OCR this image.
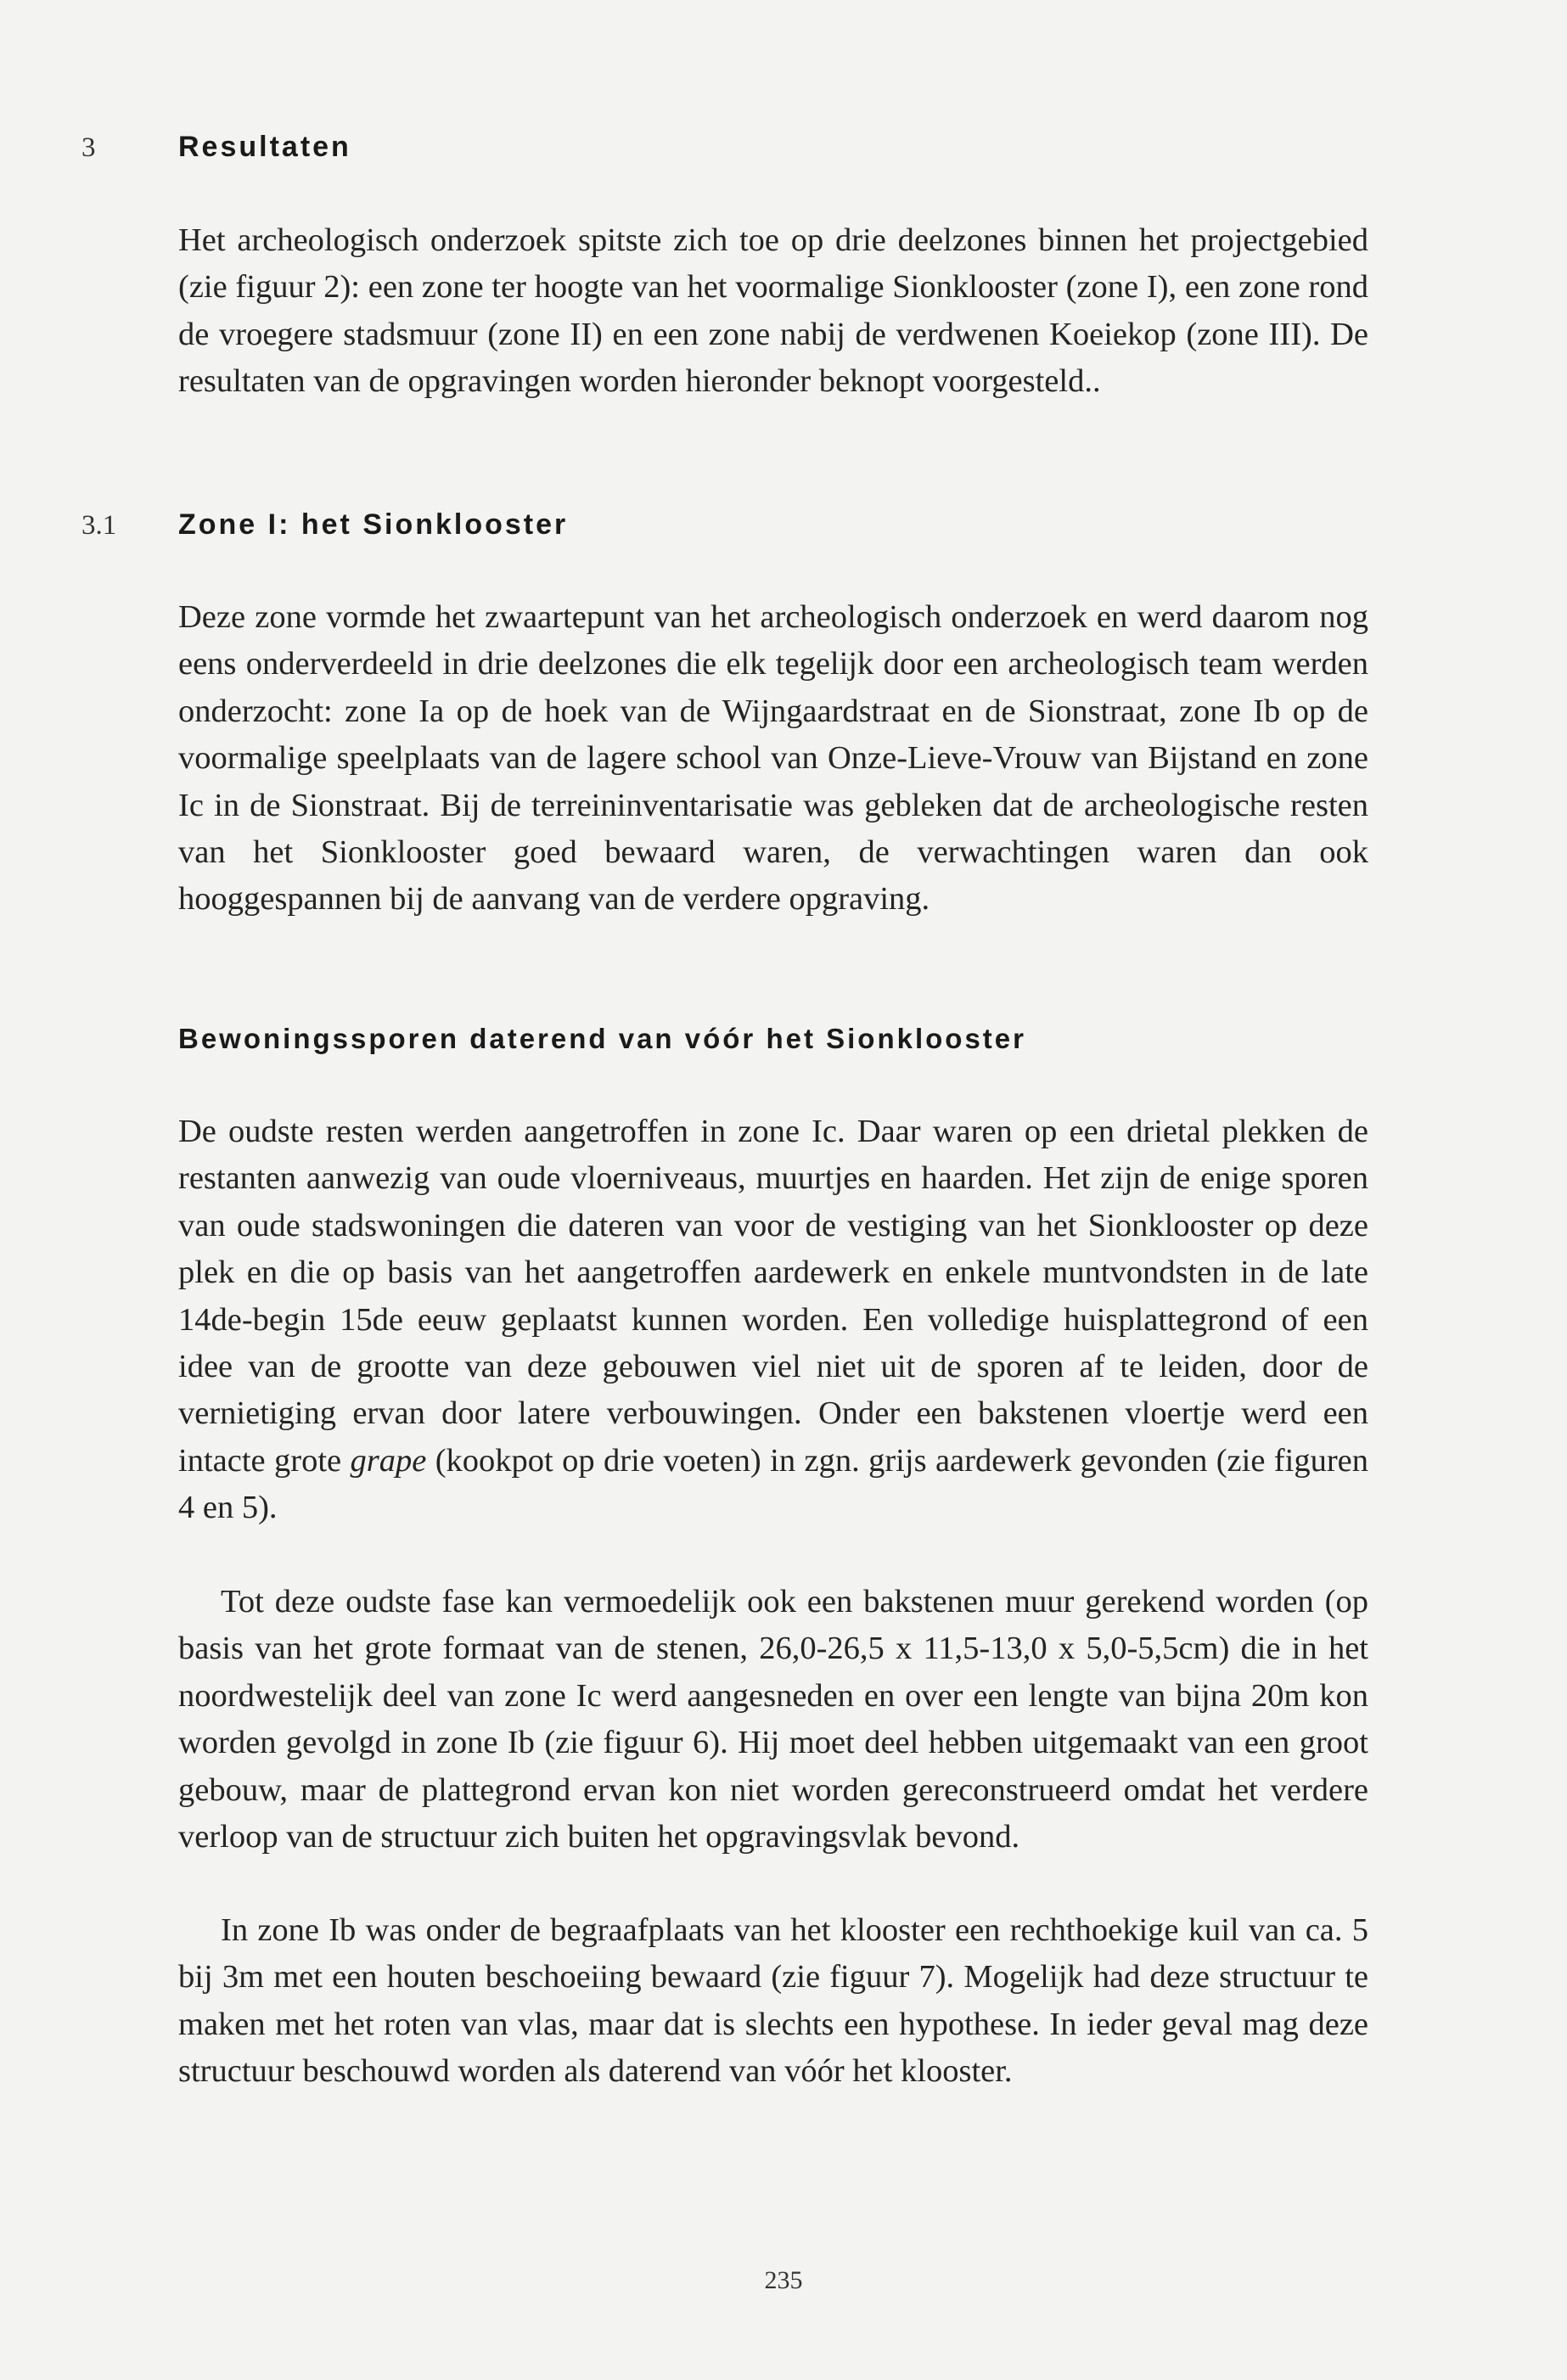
3	Resultaten

Het archeologisch onderzoek spitste zich toe op drie deelzones binnen het projectgebied (zie figuur 2): een zone ter hoogte van het voormalige Sionklooster (zone I), een zone rond de vroegere stadsmuur (zone II) en een zone nabij de verdwenen Koeiekop (zone III). De resultaten van de opgravingen worden hieronder beknopt voorgesteld..

3.1 Zone I: het Sionklooster

Deze zone vormde het zwaartepunt van het archeologisch onderzoek en werd daarom nog eens onderverdeeld in drie deelzones die elk tegelijk door een archeologisch team werden onderzocht: zone Ia op de hoek van de Wijngaardstraat en de Sionstraat, zone Ib op de voormalige speelplaats van de lagere school van Onze-Lieve-Vrouw van Bijstand en zone Ic in de Sionstraat. Bij de terreininventarisatie was gebleken dat de archeologische resten van het Sionklooster goed bewaard waren, de verwachtingen waren dan ook hooggespannen bij de aanvang van de verdere opgraving.

Bewoningssporen daterend van vóór het Sionklooster

De oudste resten werden aangetroffen in zone Ic. Daar waren op een drietal plekken de restanten aanwezig van oude vloerniveaus, muurtjes en haarden. Het zijn de enige sporen van oude stadswoningen die dateren van voor de vestiging van het Sionklooster op deze plek en die op basis van het aangetroffen aardewerk en enkele muntvondsten in de late 14de-begin 15de eeuw geplaatst kunnen worden. Een volledige huisplattegrond of een idee van de grootte van deze gebouwen viel niet uit de sporen af te leiden, door de vernietiging ervan door latere verbouwingen. Onder een bakstenen vloertje werd een intacte grote grape (kookpot op drie voeten) in zgn. grijs aardewerk gevonden (zie figuren 4 en 5).

Tot deze oudste fase kan vermoedelijk ook een bakstenen muur gerekend worden (op basis van het grote formaat van de stenen, 26,0-26,5 x 11,5-13,0 x 5,0-5,5cm) die in het noordwestelijk deel van zone Ic werd aangesneden en over een lengte van bijna 20m kon worden gevolgd in zone Ib (zie figuur 6). Hij moet deel hebben uitgemaakt van een groot gebouw, maar de plattegrond ervan kon niet worden gereconstrueerd omdat het verdere verloop van de structuur zich buiten het opgravingsvlak bevond.

In zone Ib was onder de begraafplaats van het klooster een rechthoekige kuil van ca. 5 bij 3m met een houten beschoeiing bewaard (zie figuur 7). Mogelijk had deze structuur te maken met het roten van vlas, maar dat is slechts een hypothese. In ieder geval mag deze structuur beschouwd worden als daterend van vóór het klooster.

235
